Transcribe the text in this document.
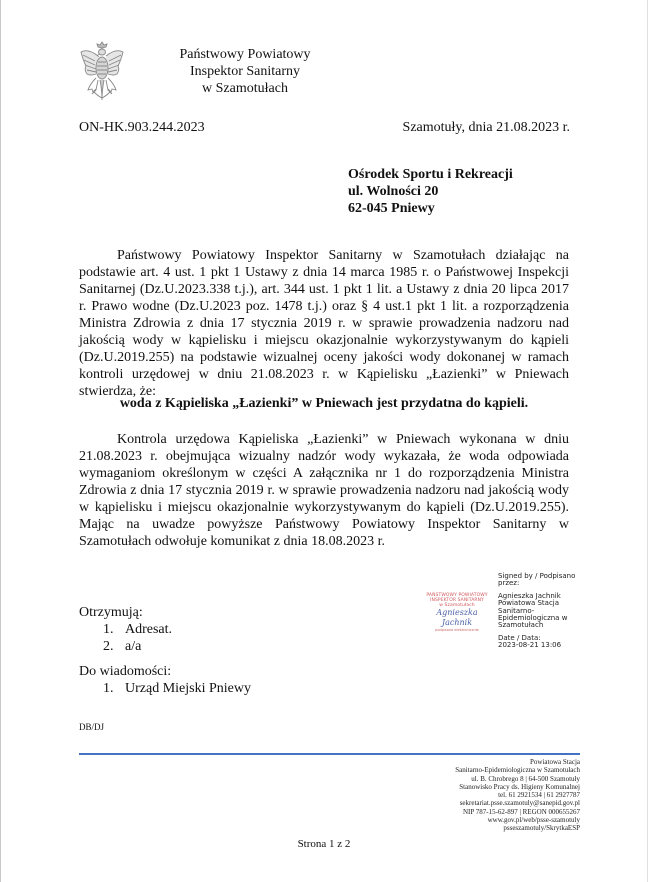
Państwowy Powiatowy
Inspektor Sanitarny
w Szamotułach
ON-HK.903.244.2023	Szamotuły, dnia 21.08.2023 r.
Ośrodek Sportu i Rekreacji
ul. Wolności 20
62-045 Pniewy
Państwowy Powiatowy Inspektor Sanitarny w Szamotułach działając na podstawie art. 4 ust. 1 pkt 1 Ustawy z dnia 14 marca 1985 r. o Państwowej Inspekcji Sanitarnej (Dz.U.2023.338 t.j.), art. 344 ust. 1 pkt 1 lit. a Ustawy z dnia 20 lipca 2017 r. Prawo wodne (Dz.U.2023 poz. 1478 t.j.) oraz § 4 ust.1 pkt 1 lit. a rozporządzenia Ministra Zdrowia z dnia 17 stycznia 2019 r. w sprawie prowadzenia nadzoru nad jakością wody w kąpielisku i miejscu okazjonalnie wykorzystywanym do kąpieli (Dz.U.2019.255) na podstawie wizualnej oceny jakości wody dokonanej w ramach kontroli urzędowej w dniu 21.08.2023 r. w Kąpielisku „Łazienki” w Pniewach stwierdza, że:
woda z Kąpieliska „Łazienki” w Pniewach jest przydatna do kąpieli.
Kontrola urzędowa Kąpieliska „Łazienki” w Pniewach wykonana w dniu 21.08.2023 r. obejmująca wizualny nadzór wody wykazała, że woda odpowiada wymaganiom określonym w części A załącznika nr 1 do rozporządzenia Ministra Zdrowia z dnia 17 stycznia 2019 r. w sprawie prowadzenia nadzoru nad jakością wody w kąpielisku i miejscu okazjonalnie wykorzystywanym do kąpieli (Dz.U.2019.255). Mając na uwadze powyższe Państwowy Powiatowy Inspektor Sanitarny w Szamotułach odwołuje komunikat z dnia 18.08.2023 r.
PAŃSTWOWY POWIATOWY
INSPEKTOR SANITARNY
w Szamotułach
Agnieszka Jachnik
podpisano elektronicznie
Signed by / Podpisano przez:
Agnieszka Jachnik
Powiatowa Stacja
Sanitarno-
Epidemiologiczna w
Szamotułach
Date / Data:
2023-08-21 13:06
Otrzymują:
1. Adresat.
2. a/a
Do wiadomości:
1. Urząd Miejski Pniewy
DB/DJ
Powiatowa Stacja
Sanitarno-Epidemiologiczna w Szamotułach
ul. B. Chrobrego 8 | 64-500 Szamotuły
Stanowisko Pracy ds. Higieny Komunalnej
tel. 61 2921534 | 61 2927787
sekretariat.psse.szamotuly@sanepid.gov.pl
NIP 787-15-62-897 | REGON 000655267
www.gov.pl/web/psse-szamotuly
psseszamotuly/SkrytkaESP
Strona 1 z 2
